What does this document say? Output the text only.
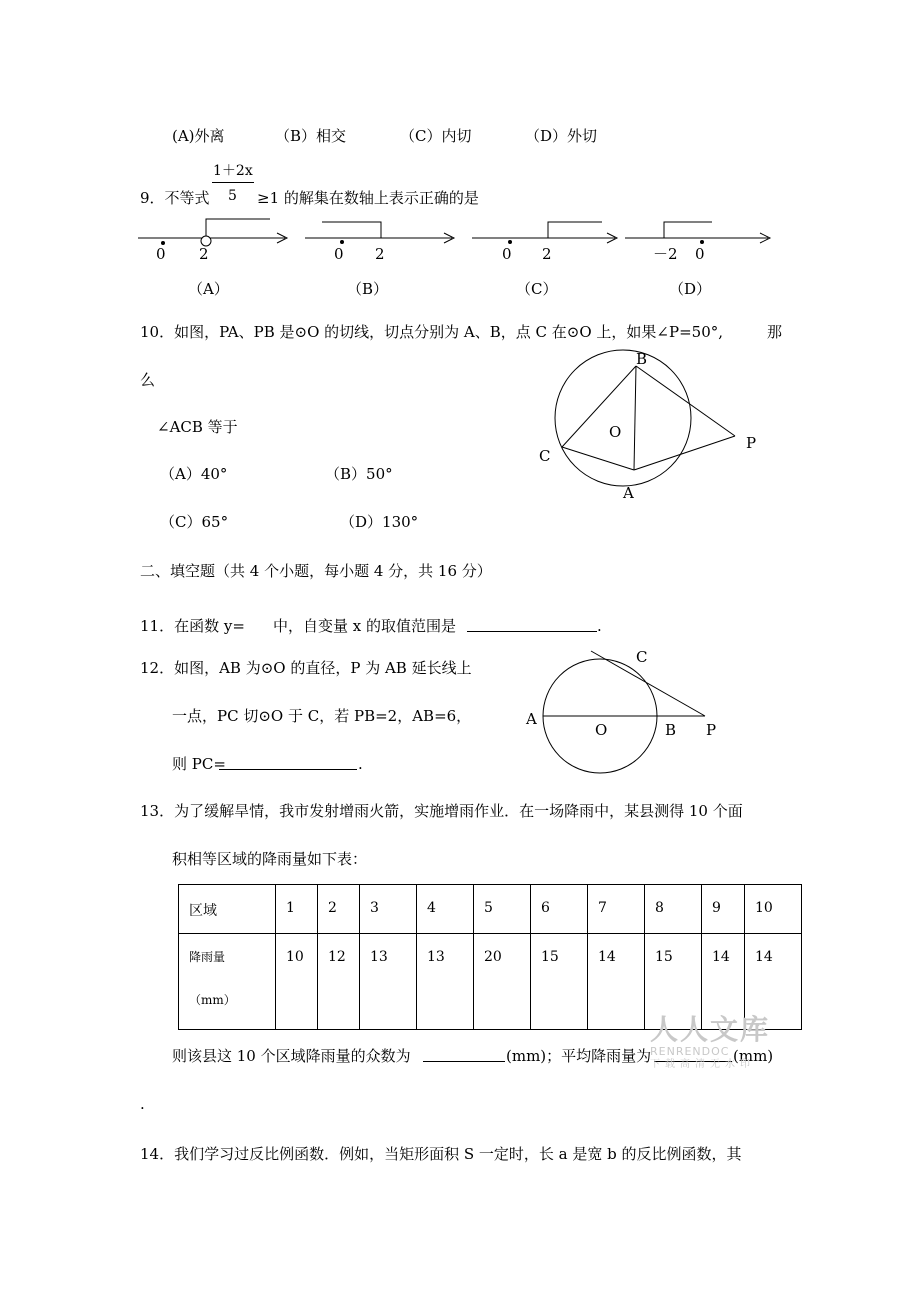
(A)外离	（B）相交	（C）内切	（D）外切
1＋2x
5
9．不等式	≥1 的解集在数轴上表示正确的是
0 2	0 2	0 2	－2 0
（A）	（B）	（C）	（D）
10．如图，PA、PB 是⊙O 的切线，切点分别为 A、B，点 C 在⊙O 上，如果∠P=50°,	那
么
∠ACB 等于
（A）40°	（B）50°
（C）65°	（D）130°
B
O
P
C
A
二、填空题（共 4 个小题，每小题 4 分，共 16 分）
11．在函数 y= 中，自变量 x 的取值范围是	.
12．如图，AB 为⊙O 的直径，P 为 AB 延长线上
一点，PC 切⊙O 于 C，若 PB=2，AB=6，
则 PC=	.
C
A
O	B P
13．为了缓解旱情，我市发射增雨火箭，实施增雨作业．在一场降雨中，某县测得 10 个面
积相等区域的降雨量如下表：
区域	1	2	3	4	5	6	7	8	9	10

降雨量
（mm）	10	12	13	13	20	15	14	15	14	14
则该县这 10 个区域降雨量的众数为	(mm)；平均降雨量为	(mm)
.
人人文库
RENRENDOC
下载高清无水印
14．我们学习过反比例函数．例如，当矩形面积 S 一定时，长 a 是宽 b 的反比例函数，其
